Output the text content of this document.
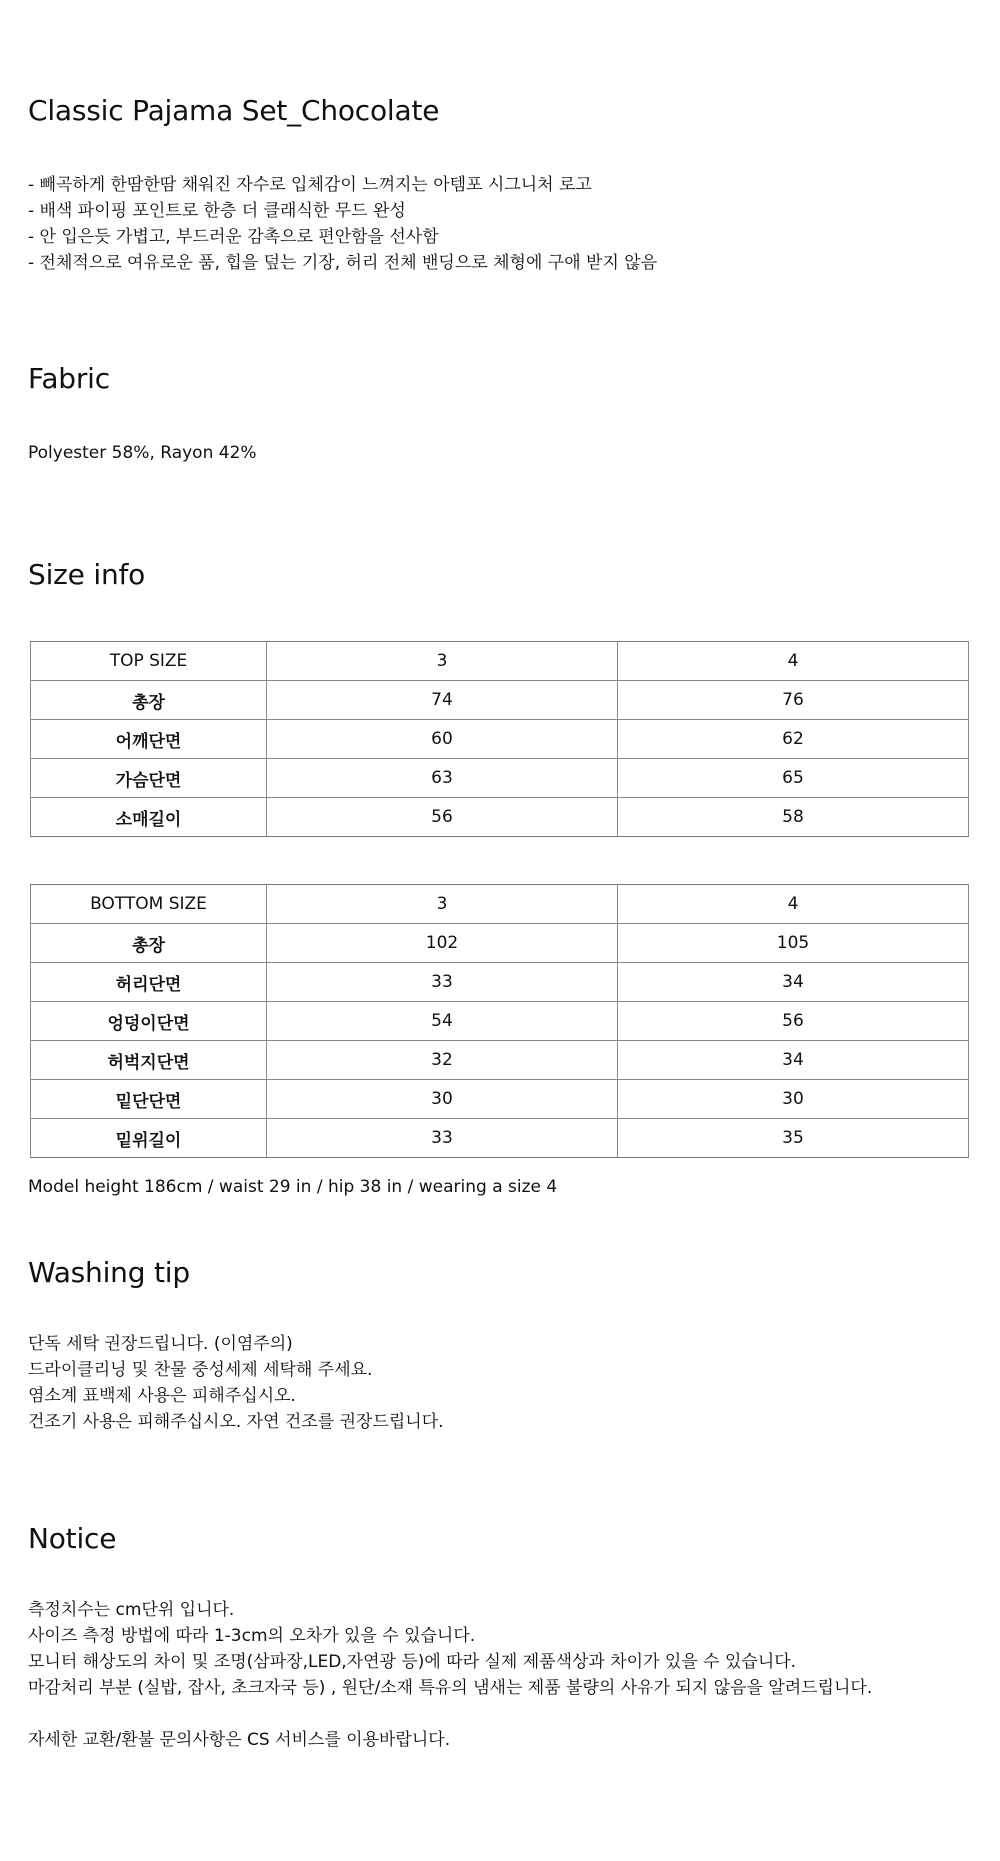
Classic Pajama Set_Chocolate
- 빼곡하게 한땀한땀 채워진 자수로 입체감이 느껴지는 아템포 시그니처 로고
- 배색 파이핑 포인트로 한층 더 클래식한 무드 완성
- 안 입은듯 가볍고, 부드러운 감촉으로 편안함을 선사함
- 전체적으로 여유로운 품, 힙을 덮는 기장, 허리 전체 밴딩으로 체형에 구애 받지 않음
Fabric
Polyester 58%, Rayon 42%
Size info
TOP SIZE	3	4
총장	74	76
어깨단면	60	62
가슴단면	63	65
소매길이	56	58
BOTTOM SIZE	3	4
총장	102	105
허리단면	33	34
엉덩이단면	54	56
허벅지단면	32	34
밑단단면	30	30
밑위길이	33	35
Model height 186cm / waist 29 in / hip 38 in / wearing a size 4
Washing tip
단독 세탁 권장드립니다. (이염주의)
드라이클리닝 및 찬물 중성세제 세탁해 주세요.
염소계 표백제 사용은 피해주십시오.
건조기 사용은 피해주십시오. 자연 건조를 권장드립니다.
Notice
측정치수는 cm단위 입니다.
사이즈 측정 방법에 따라 1-3cm의 오차가 있을 수 있습니다.
모니터 해상도의 차이 및 조명(삼파장,LED,자연광 등)에 따라 실제 제품색상과 차이가 있을 수 있습니다.
마감처리 부분 (실밥, 잡사, 초크자국 등) , 원단/소재 특유의 냄새는 제품 불량의 사유가 되지 않음을 알려드립니다.
자세한 교환/환불 문의사항은 CS 서비스를 이용바랍니다.
